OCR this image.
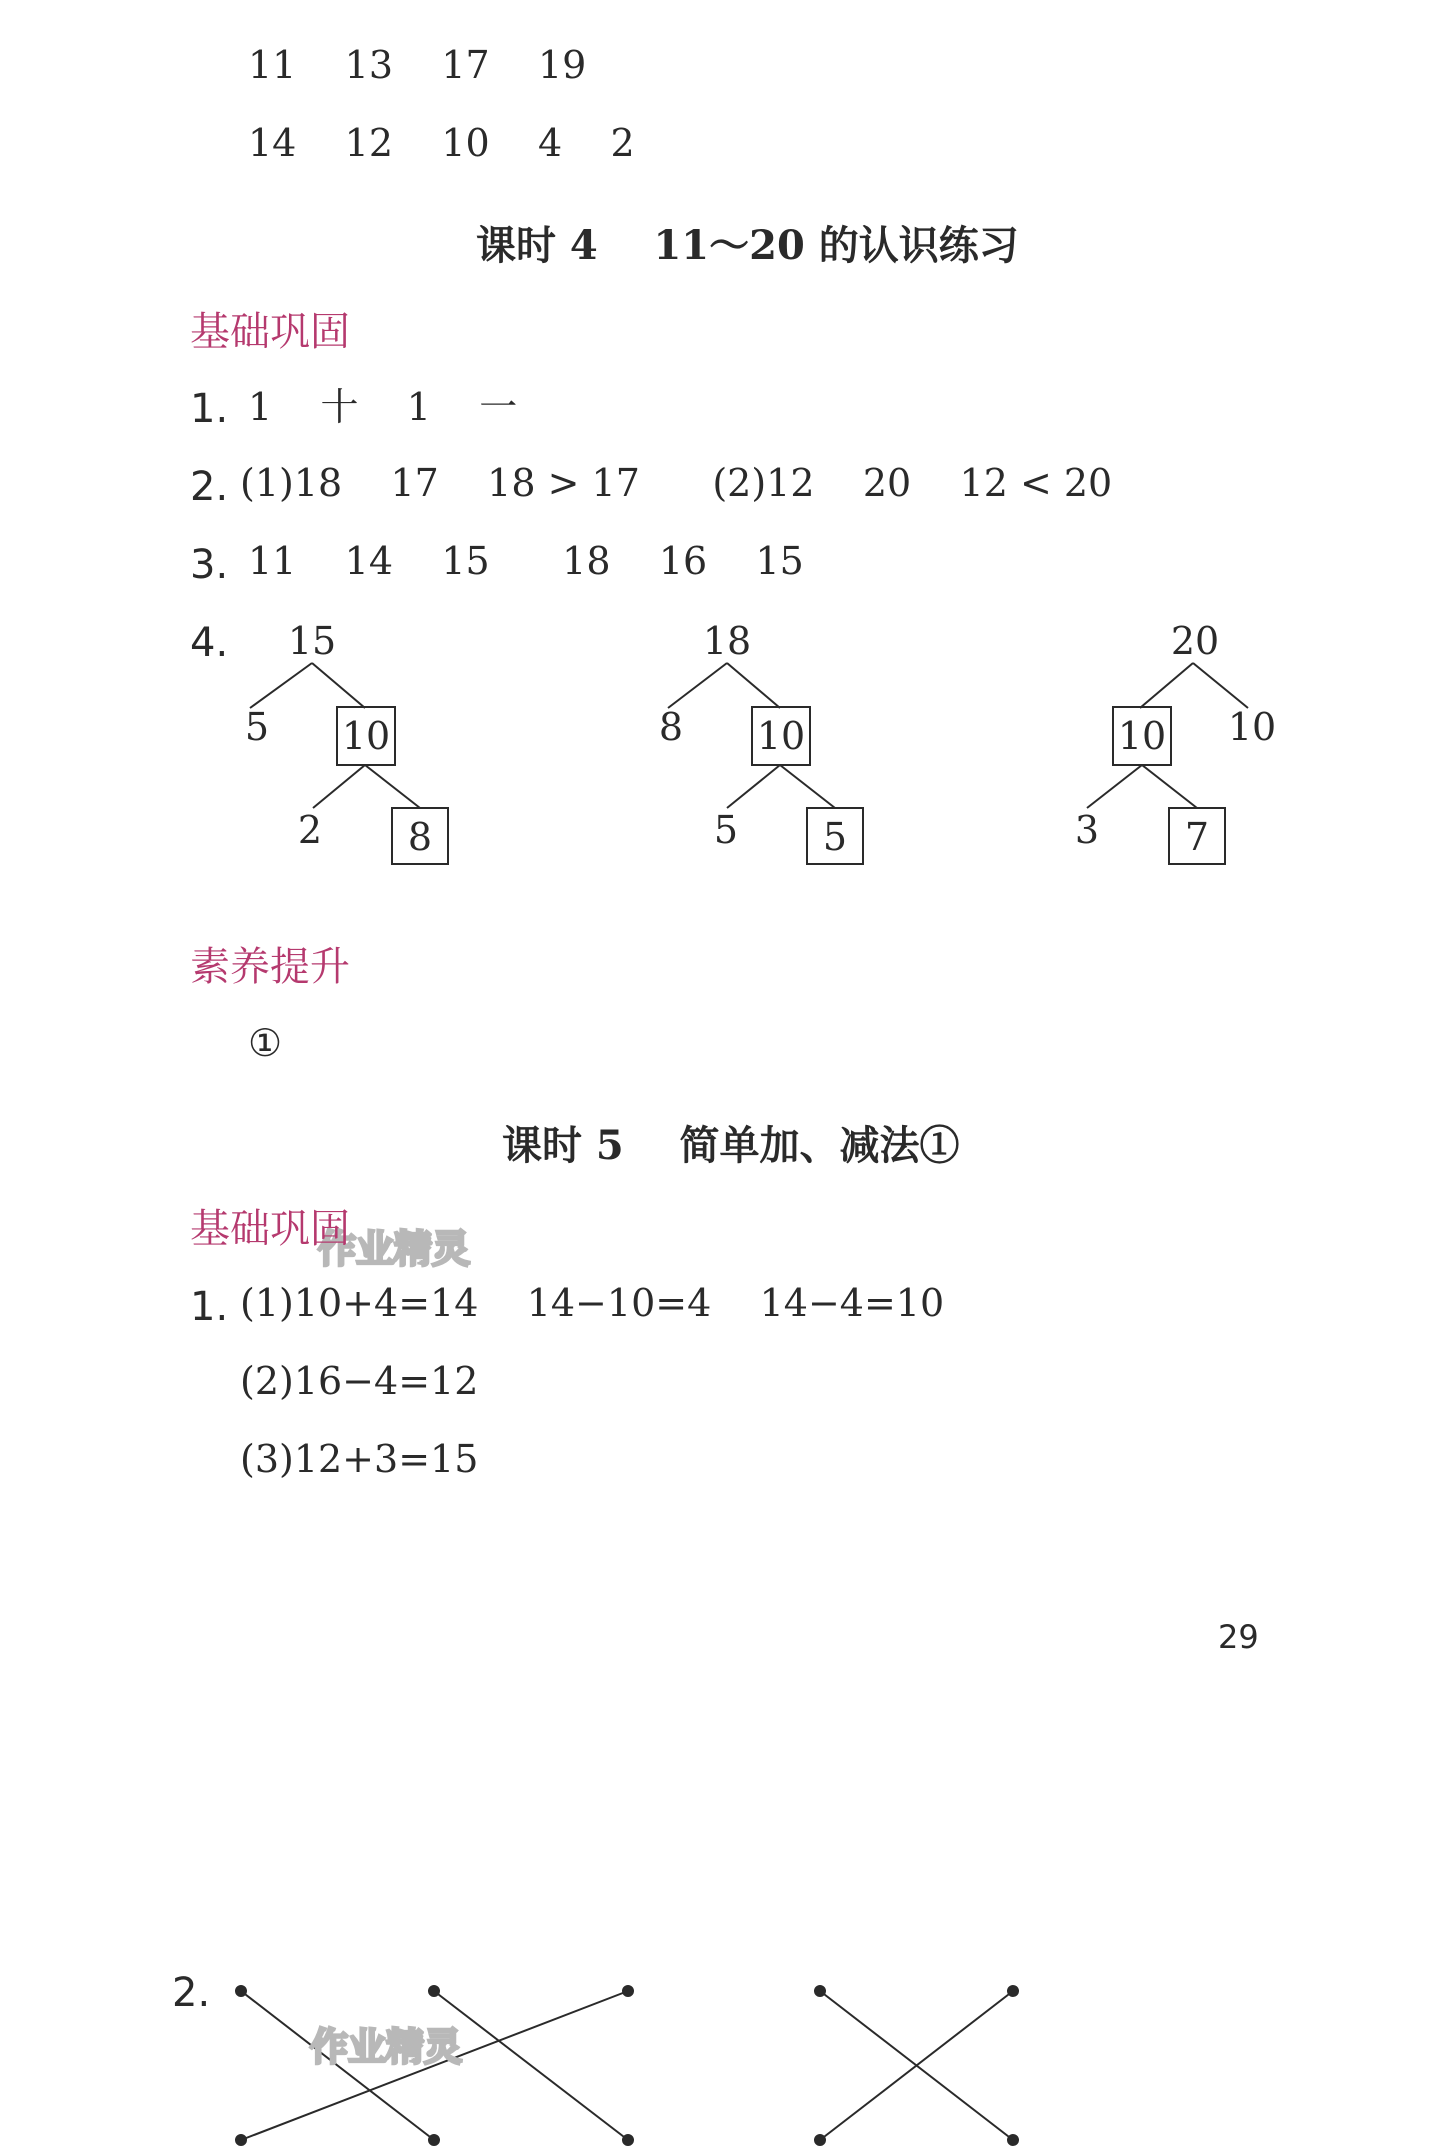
11    13    17    19
14    12    10    4    2
课时 4    11～20 的认识练习
基础巩固
1. 1    十    1    一
2. (1)18    17    18 > 17      (2)12    20    12 < 20
3. 11    14    15      18    16    15
4. 15
5 10
2 8
18
8 10
5 5
20
10
10
3 7
作业精灵
作业精灵
素养提升
①
课时 5    简单加、减法①
基础巩固
1. (1)10+4=14    14−10=4    14−4=10
(2)16−4=12
(3)12+3=15
29
2.
